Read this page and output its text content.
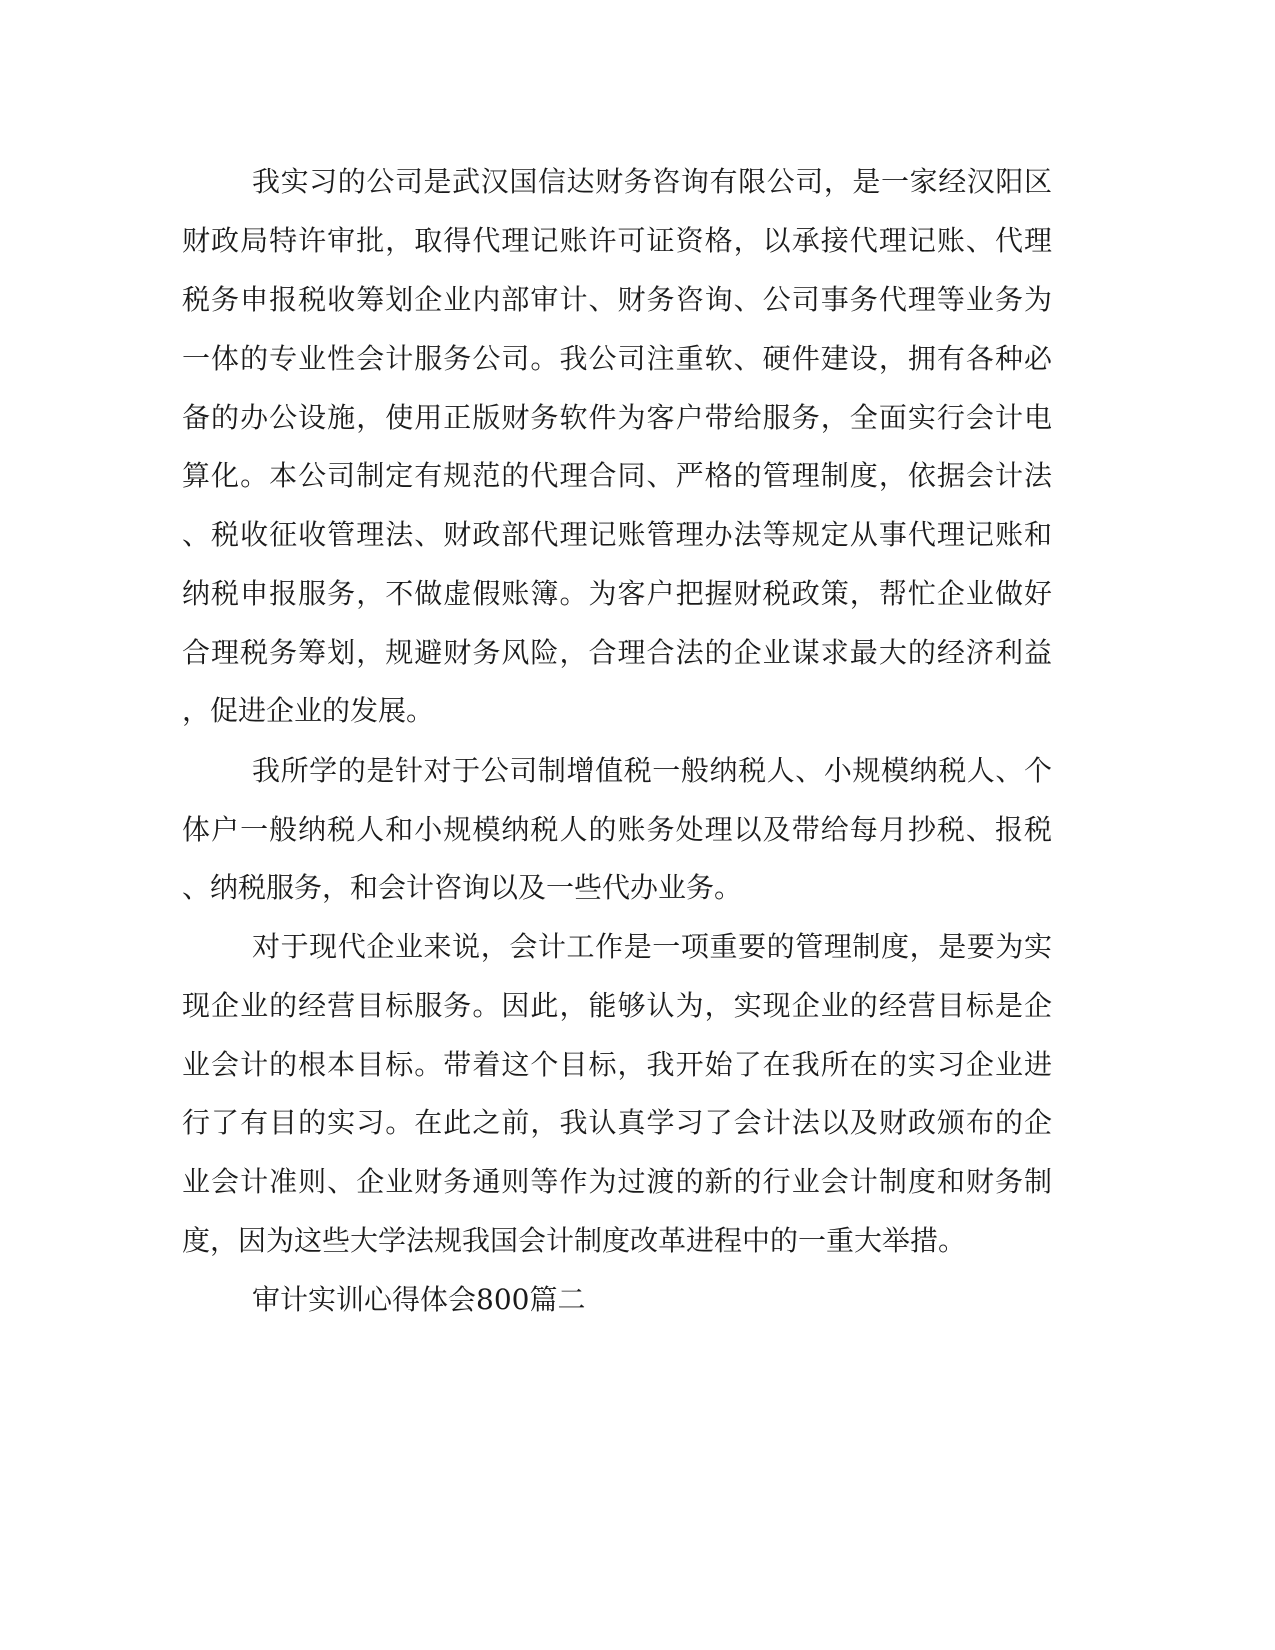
我实习的公司是武汉国信达财务咨询有限公司，是一家经汉阳区
财政局特许审批，取得代理记账许可证资格，以承接代理记账、代理
税务申报税收筹划企业内部审计、财务咨询、公司事务代理等业务为
一体的专业性会计服务公司。我公司注重软、硬件建设，拥有各种必
备的办公设施，使用正版财务软件为客户带给服务，全面实行会计电
算化。本公司制定有规范的代理合同、严格的管理制度，依据会计法
、税收征收管理法、财政部代理记账管理办法等规定从事代理记账和
纳税申报服务，不做虚假账簿。为客户把握财税政策，帮忙企业做好
合理税务筹划，规避财务风险，合理合法的企业谋求最大的经济利益
，促进企业的发展。
我所学的是针对于公司制增值税一般纳税人、小规模纳税人、个
体户一般纳税人和小规模纳税人的账务处理以及带给每月抄税、报税
、纳税服务，和会计咨询以及一些代办业务。
对于现代企业来说，会计工作是一项重要的管理制度，是要为实
现企业的经营目标服务。因此，能够认为，实现企业的经营目标是企
业会计的根本目标。带着这个目标，我开始了在我所在的实习企业进
行了有目的实习。在此之前，我认真学习了会计法以及财政颁布的企
业会计准则、企业财务通则等作为过渡的新的行业会计制度和财务制
度，因为这些大学法规我国会计制度改革进程中的一重大举措。
审计实训心得体会800篇二
